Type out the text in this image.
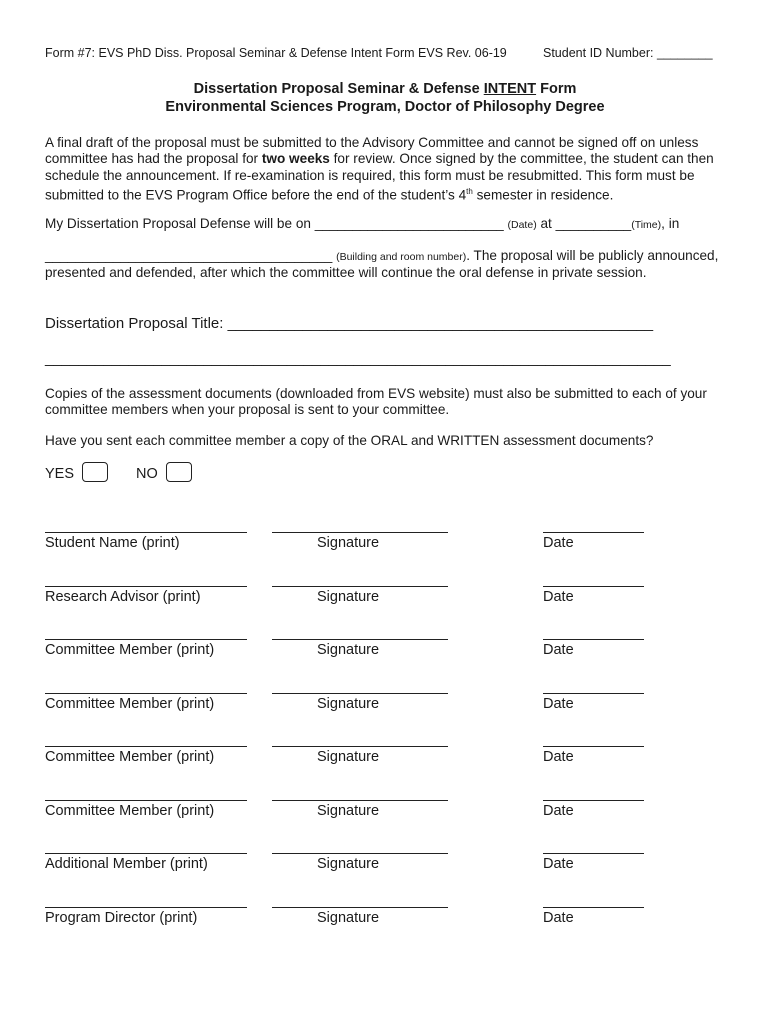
Form #7: EVS PhD Diss. Proposal Seminar & Defense Intent Form EVS Rev. 06-19	Student ID Number: ________
Dissertation Proposal Seminar & Defense INTENT Form
Environmental Sciences Program, Doctor of Philosophy Degree
A final draft of the proposal must be submitted to the Advisory Committee and cannot be signed off on unless committee has had the proposal for two weeks for review. Once signed by the committee, the student can then schedule the announcement. If re-examination is required, this form must be resubmitted. This form must be submitted to the EVS Program Office before the end of the student’s 4th semester in residence.
My Dissertation Proposal Defense will be on _________________________ (Date) at __________(Time), in
______________________________________ (Building and room number). The proposal will be publicly announced, presented and defended, after which the committee will continue the oral defense in private session.
Dissertation Proposal Title: ___________________________________________________
___________________________________________________________________________
Copies of the assessment documents (downloaded from EVS website) must also be submitted to each of your committee members when your proposal is sent to your committee.
Have you sent each committee member a copy of the ORAL and WRITTEN assessment documents?
YES	NO
Student Name (print)	Signature	Date
Research Advisor (print)	Signature	Date
Committee Member (print)	Signature	Date
Committee Member (print)	Signature	Date
Committee Member (print)	Signature	Date
Committee Member (print)	Signature	Date
Additional Member (print)	Signature	Date
Program Director (print)	Signature	Date
